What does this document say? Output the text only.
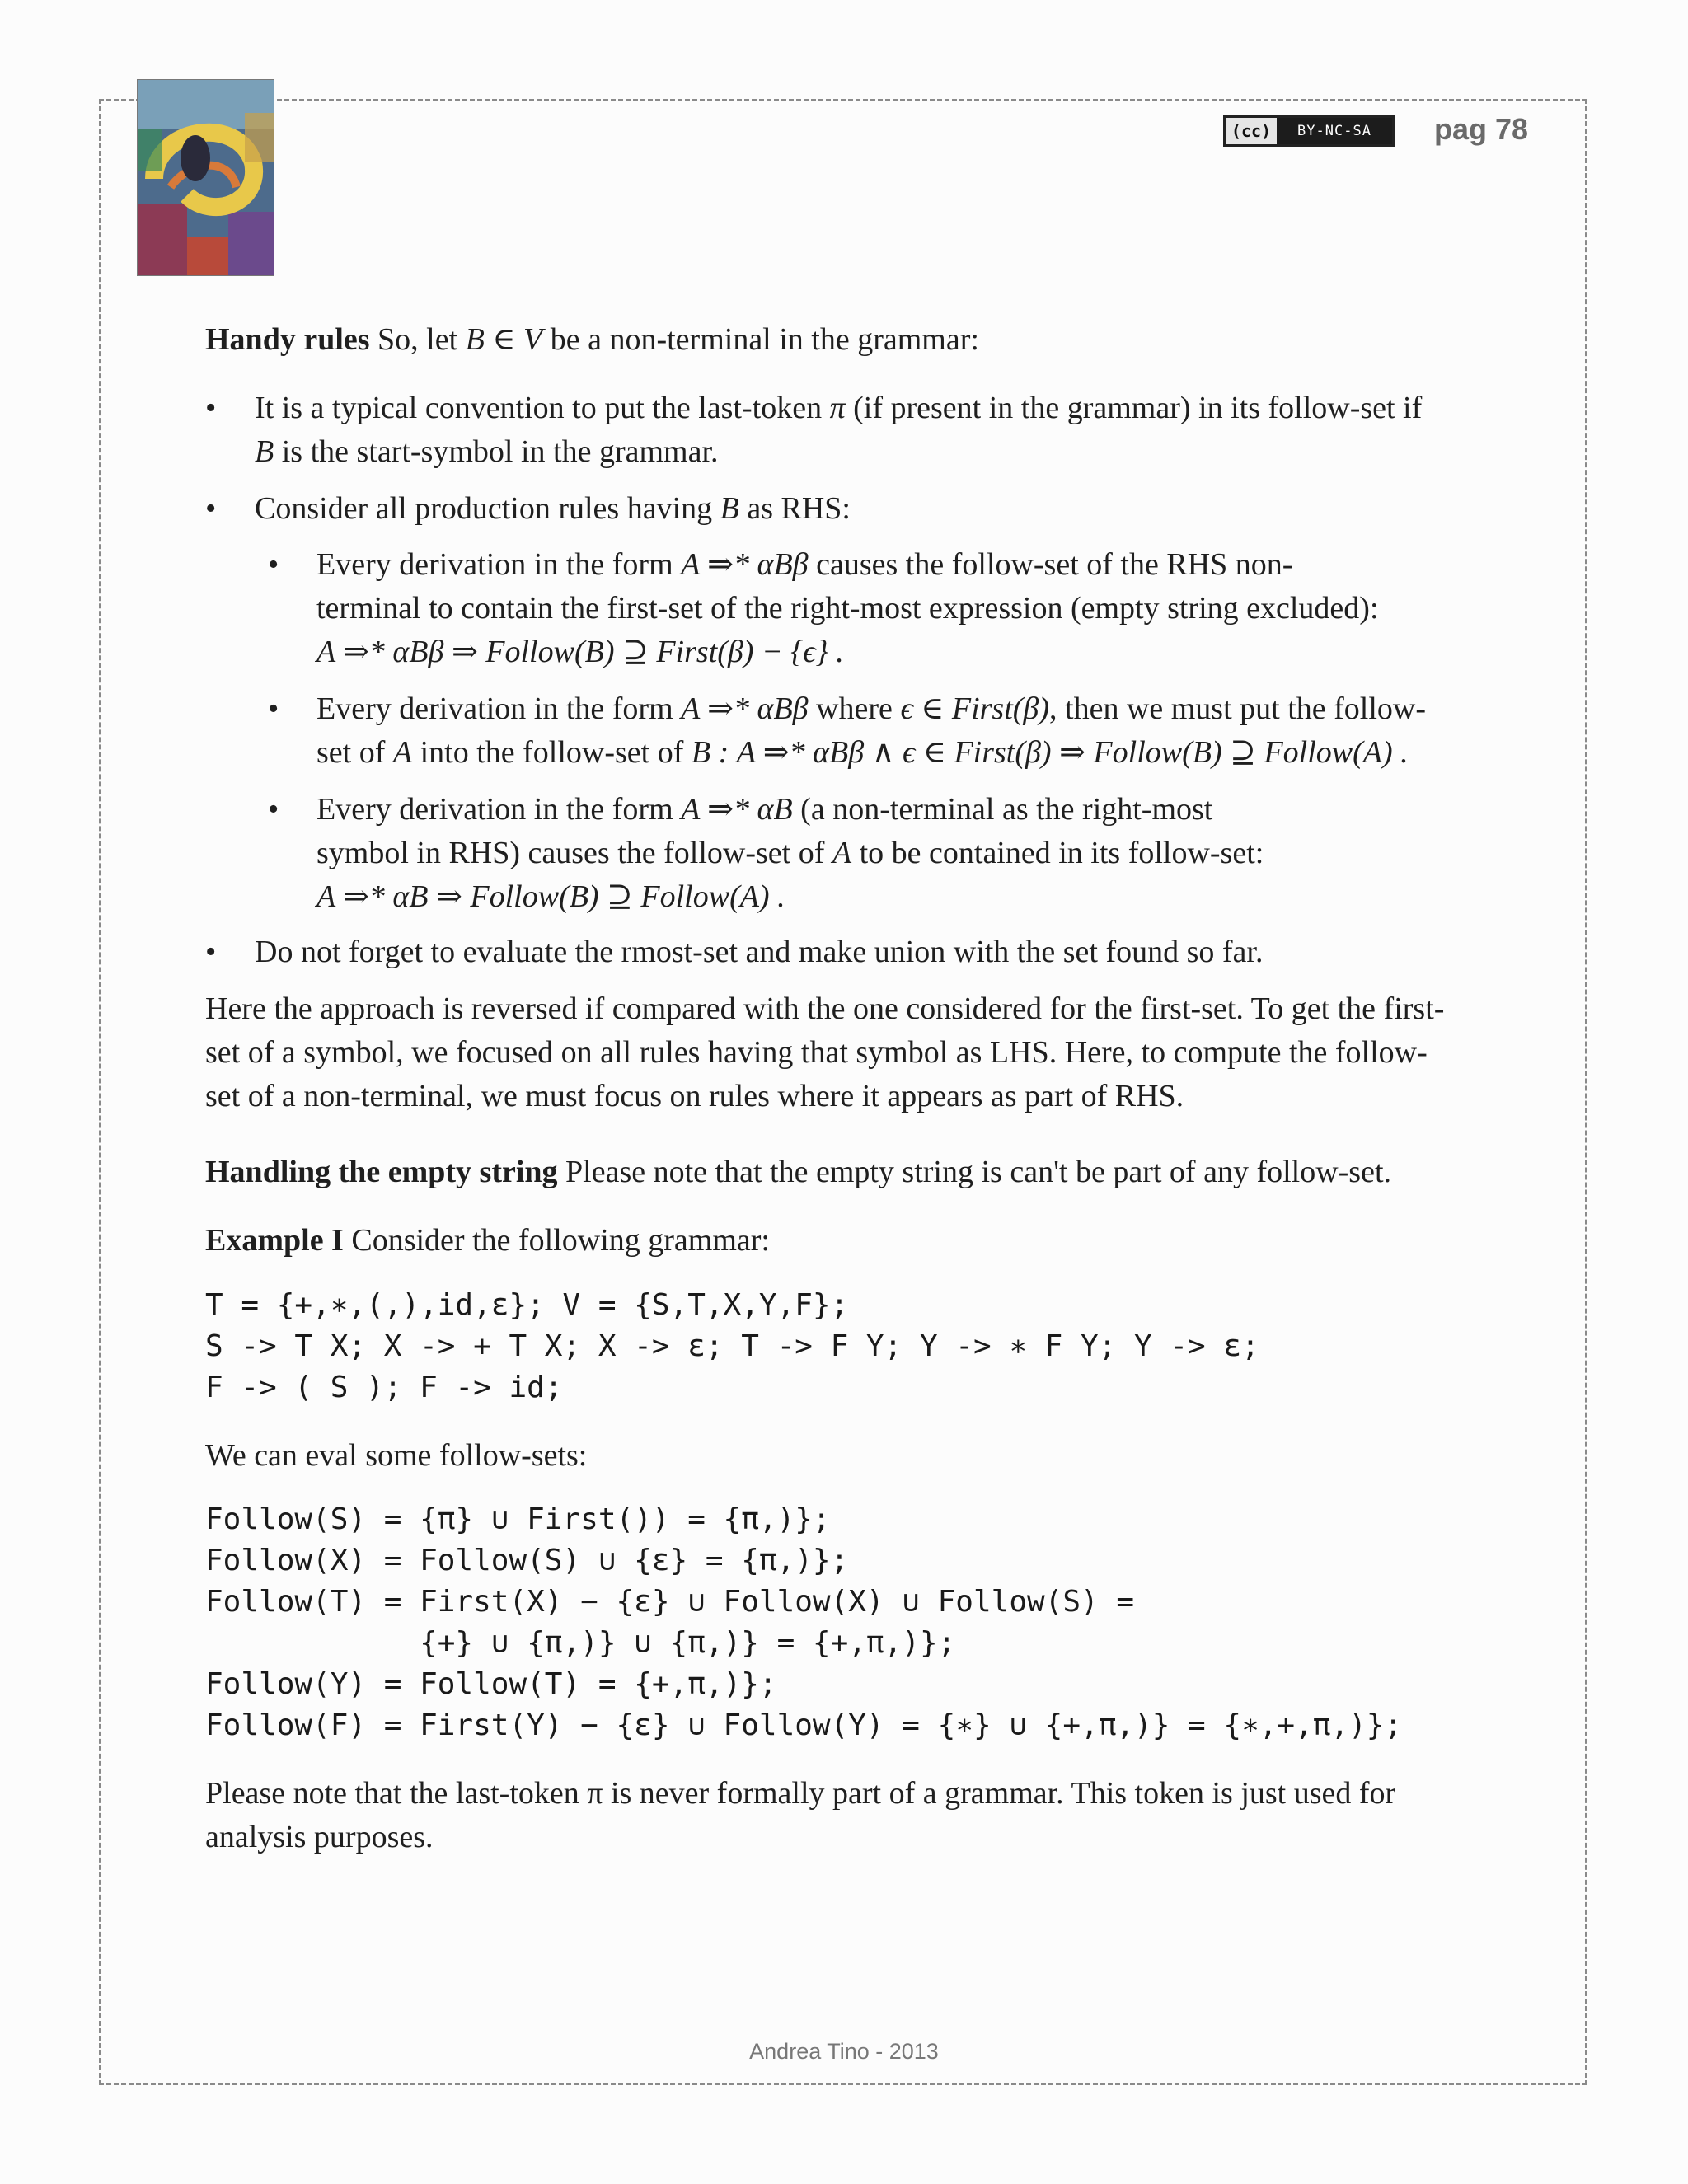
(cc)	BY-NC-SA	pag 78
Handy rules So, let B ∈ V be a non-terminal in the grammar:
• It is a typical convention to put the last-token π (if present in the grammar) in its follow-set if
B is the start-symbol in the grammar.
• Consider all production rules having B as RHS:
• Every derivation in the form A ⇒* αBβ causes the follow-set of the RHS non-
terminal to contain the first-set of the right-most expression (empty string excluded):
A ⇒* αBβ ⇒ Follow(B) ⊇ First(β) − {ϵ} .
• Every derivation in the form A ⇒* αBβ where ϵ ∈ First(β), then we must put the follow-
set of A into the follow-set of B : A ⇒* αBβ ∧ ϵ ∈ First(β) ⇒ Follow(B) ⊇ Follow(A) .
• Every derivation in the form A ⇒* αB (a non-terminal as the right-most
symbol in RHS) causes the follow-set of A to be contained in its follow-set:
A ⇒* αB ⇒ Follow(B) ⊇ Follow(A) .
• Do not forget to evaluate the rmost-set and make union with the set found so far.
Here the approach is reversed if compared with the one considered for the first-set. To get the first-
set of a symbol, we focused on all rules having that symbol as LHS. Here, to compute the follow-
set of a non-terminal, we must focus on rules where it appears as part of RHS.
Handling the empty string Please note that the empty string is can't be part of any follow-set.
Example I Consider the following grammar:
T = {+,∗,(,),id,ε}; V = {S,T,X,Y,F};
S -> T X; X -> + T X; X -> ε; T -> F Y; Y -> ∗ F Y; Y -> ε;
F -> ( S ); F -> id;
We can eval some follow-sets:
Follow(S) = {π} ∪ First()) = {π,)};
Follow(X) = Follow(S) ∪ {ε} = {π,)};
Follow(T) = First(X) − {ε} ∪ Follow(X) ∪ Follow(S) =
{+} ∪ {π,)} ∪ {π,)} = {+,π,)};
Follow(Y) = Follow(T) = {+,π,)};
Follow(F) = First(Y) − {ε} ∪ Follow(Y) = {∗} ∪ {+,π,)} = {∗,+,π,)};
Please note that the last-token π is never formally part of a grammar. This token is just used for
analysis purposes.
Andrea Tino - 2013
